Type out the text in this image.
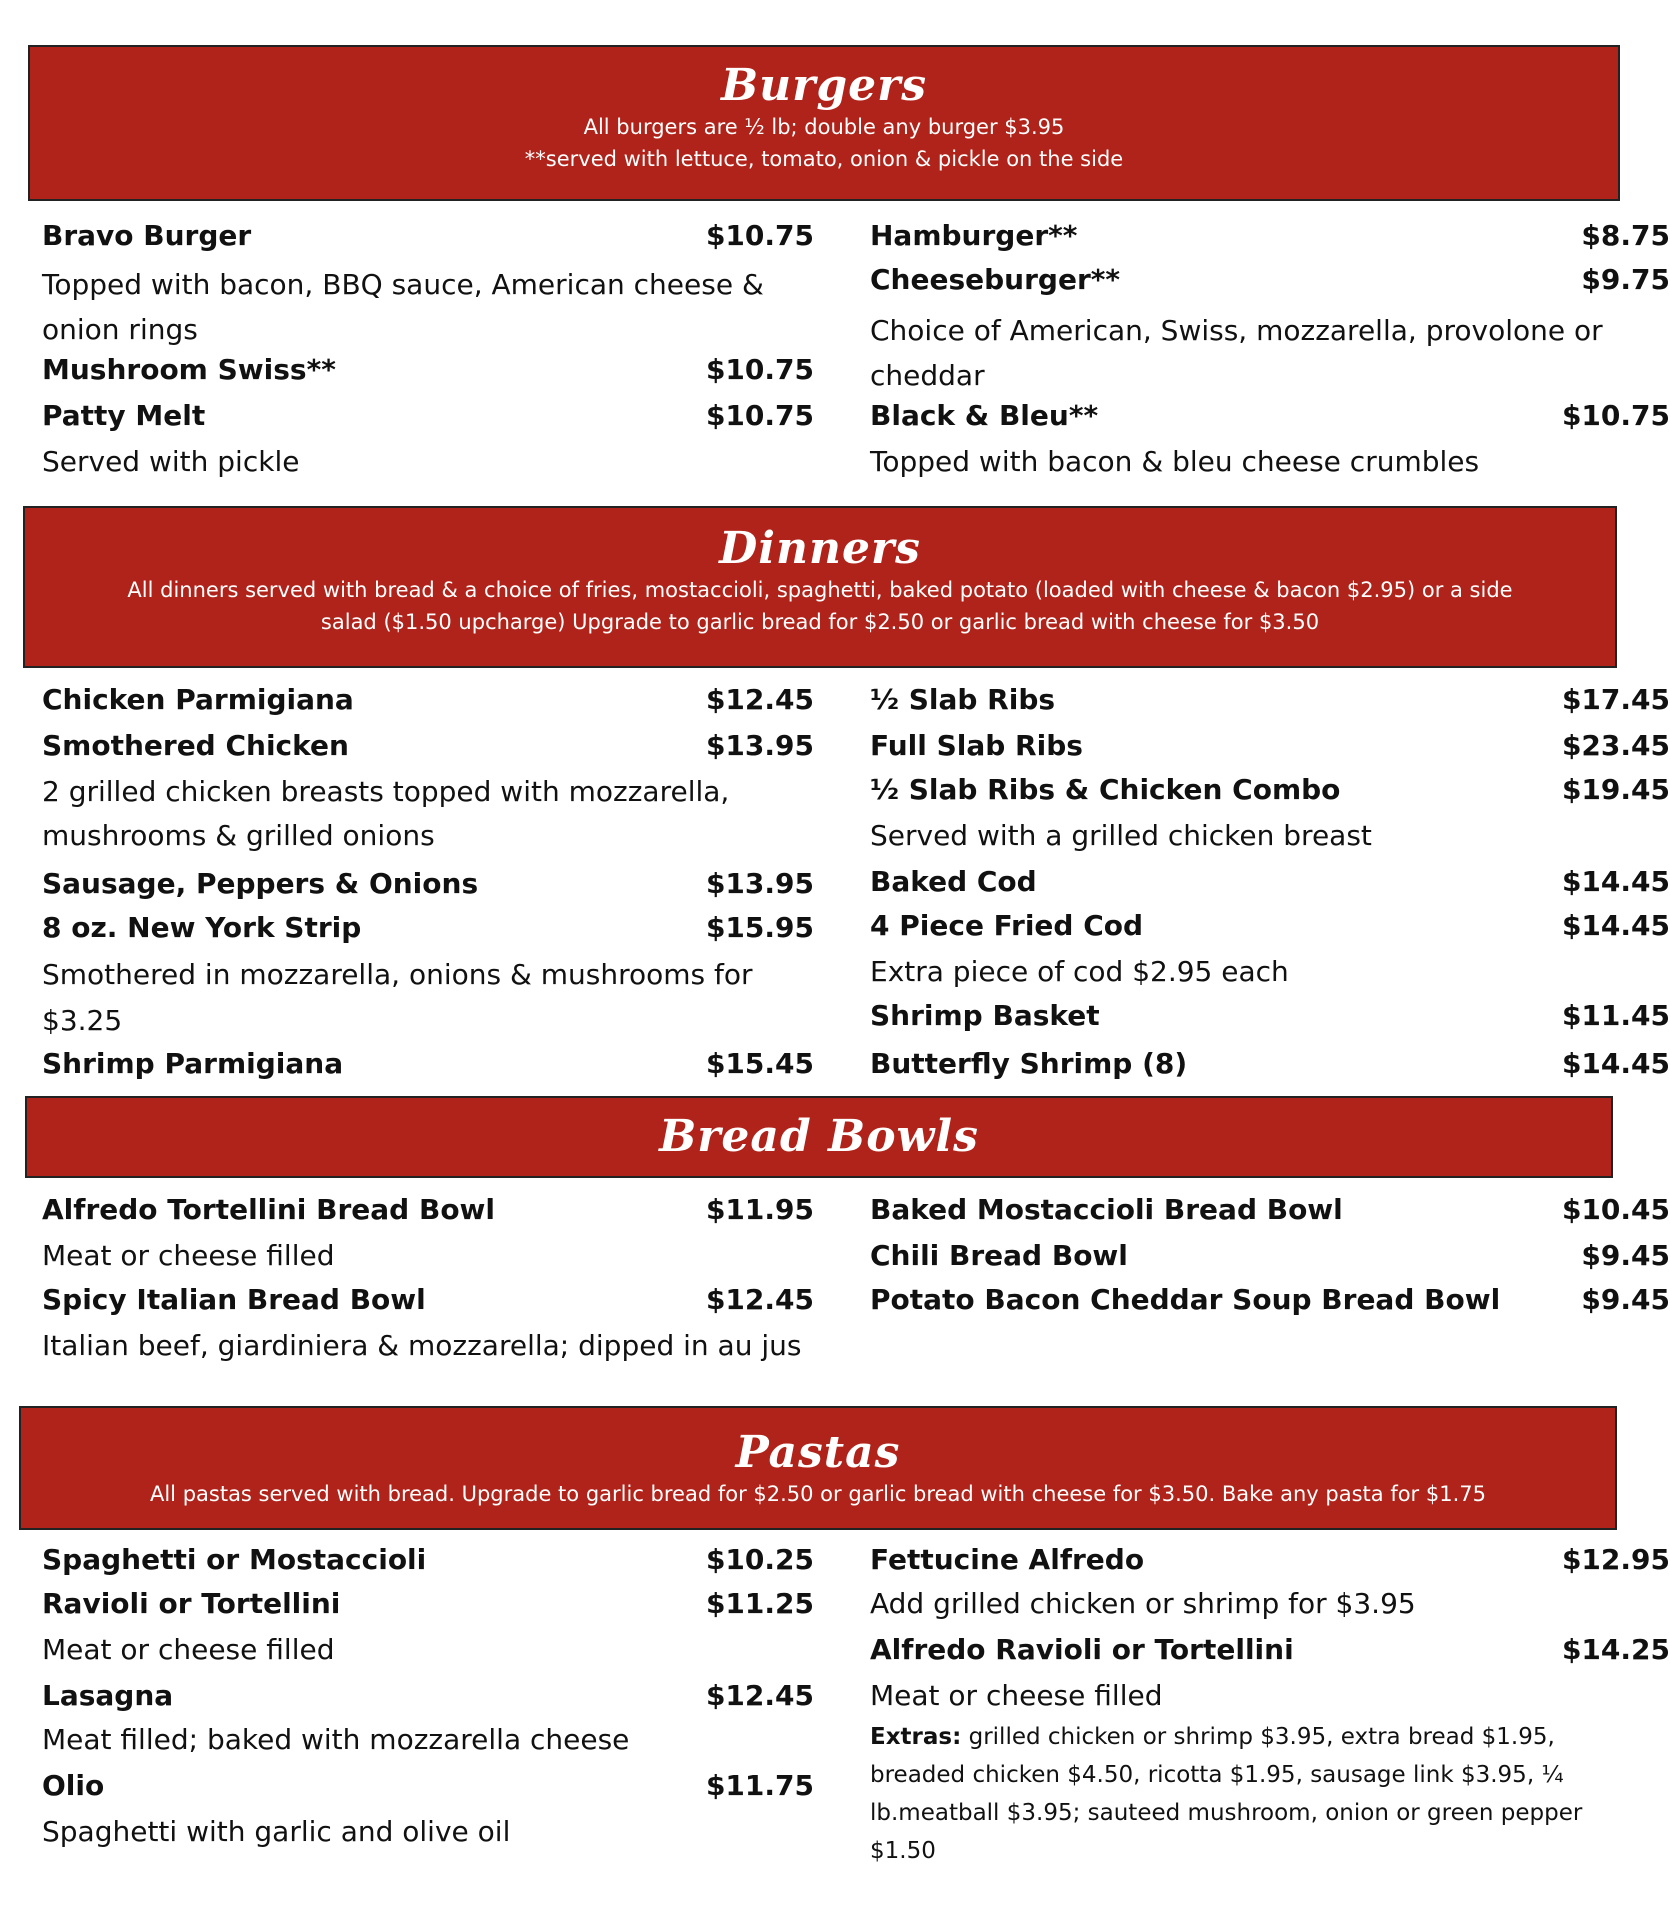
Burgers
All burgers are ½ lb; double any burger $3.95
**served with lettuce, tomato, onion & pickle on the side
Bravo Burger	$10.75
Topped with bacon, BBQ sauce, American cheese & onion rings
Mushroom Swiss**	$10.75
Patty Melt	$10.75
Served with pickle
Hamburger**	$8.75
Cheeseburger**	$9.75
Choice of American, Swiss, mozzarella, provolone or cheddar
Black & Bleu**	$10.75
Topped with bacon & bleu cheese crumbles
Dinners
All dinners served with bread & a choice of fries, mostaccioli, spaghetti, baked potato (loaded with cheese & bacon $2.95) or a side
salad ($1.50 upcharge) Upgrade to garlic bread for $2.50 or garlic bread with cheese for $3.50
Chicken Parmigiana	$12.45
Smothered Chicken	$13.95
2 grilled chicken breasts topped with mozzarella, mushrooms & grilled onions
Sausage, Peppers & Onions	$13.95
8 oz. New York Strip	$15.95
Smothered in mozzarella, onions & mushrooms for $3.25
Shrimp Parmigiana	$15.45
½ Slab Ribs	$17.45
Full Slab Ribs	$23.45
½ Slab Ribs & Chicken Combo	$19.45
Served with a grilled chicken breast
Baked Cod	$14.45
4 Piece Fried Cod	$14.45
Extra piece of cod $2.95 each
Shrimp Basket	$11.45
Butterfly Shrimp (8)	$14.45
Bread Bowls
Alfredo Tortellini Bread Bowl	$11.95
Meat or cheese filled
Spicy Italian Bread Bowl	$12.45
Italian beef, giardiniera & mozzarella; dipped in au jus
Baked Mostaccioli Bread Bowl	$10.45
Chili Bread Bowl	$9.45
Potato Bacon Cheddar Soup Bread Bowl	$9.45
Pastas
All pastas served with bread. Upgrade to garlic bread for $2.50 or garlic bread with cheese for $3.50. Bake any pasta for $1.75
Spaghetti or Mostaccioli	$10.25
Ravioli or Tortellini	$11.25
Meat or cheese filled
Lasagna	$12.45
Meat filled; baked with mozzarella cheese
Olio	$11.75
Spaghetti with garlic and olive oil
Fettucine Alfredo	$12.95
Add grilled chicken or shrimp for $3.95
Alfredo Ravioli or Tortellini	$14.25
Meat or cheese filled
Extras: grilled chicken or shrimp $3.95, extra bread $1.95, breaded chicken $4.50, ricotta $1.95, sausage link $3.95, ¼ lb.meatball $3.95; sauteed mushroom, onion or green pepper $1.50
